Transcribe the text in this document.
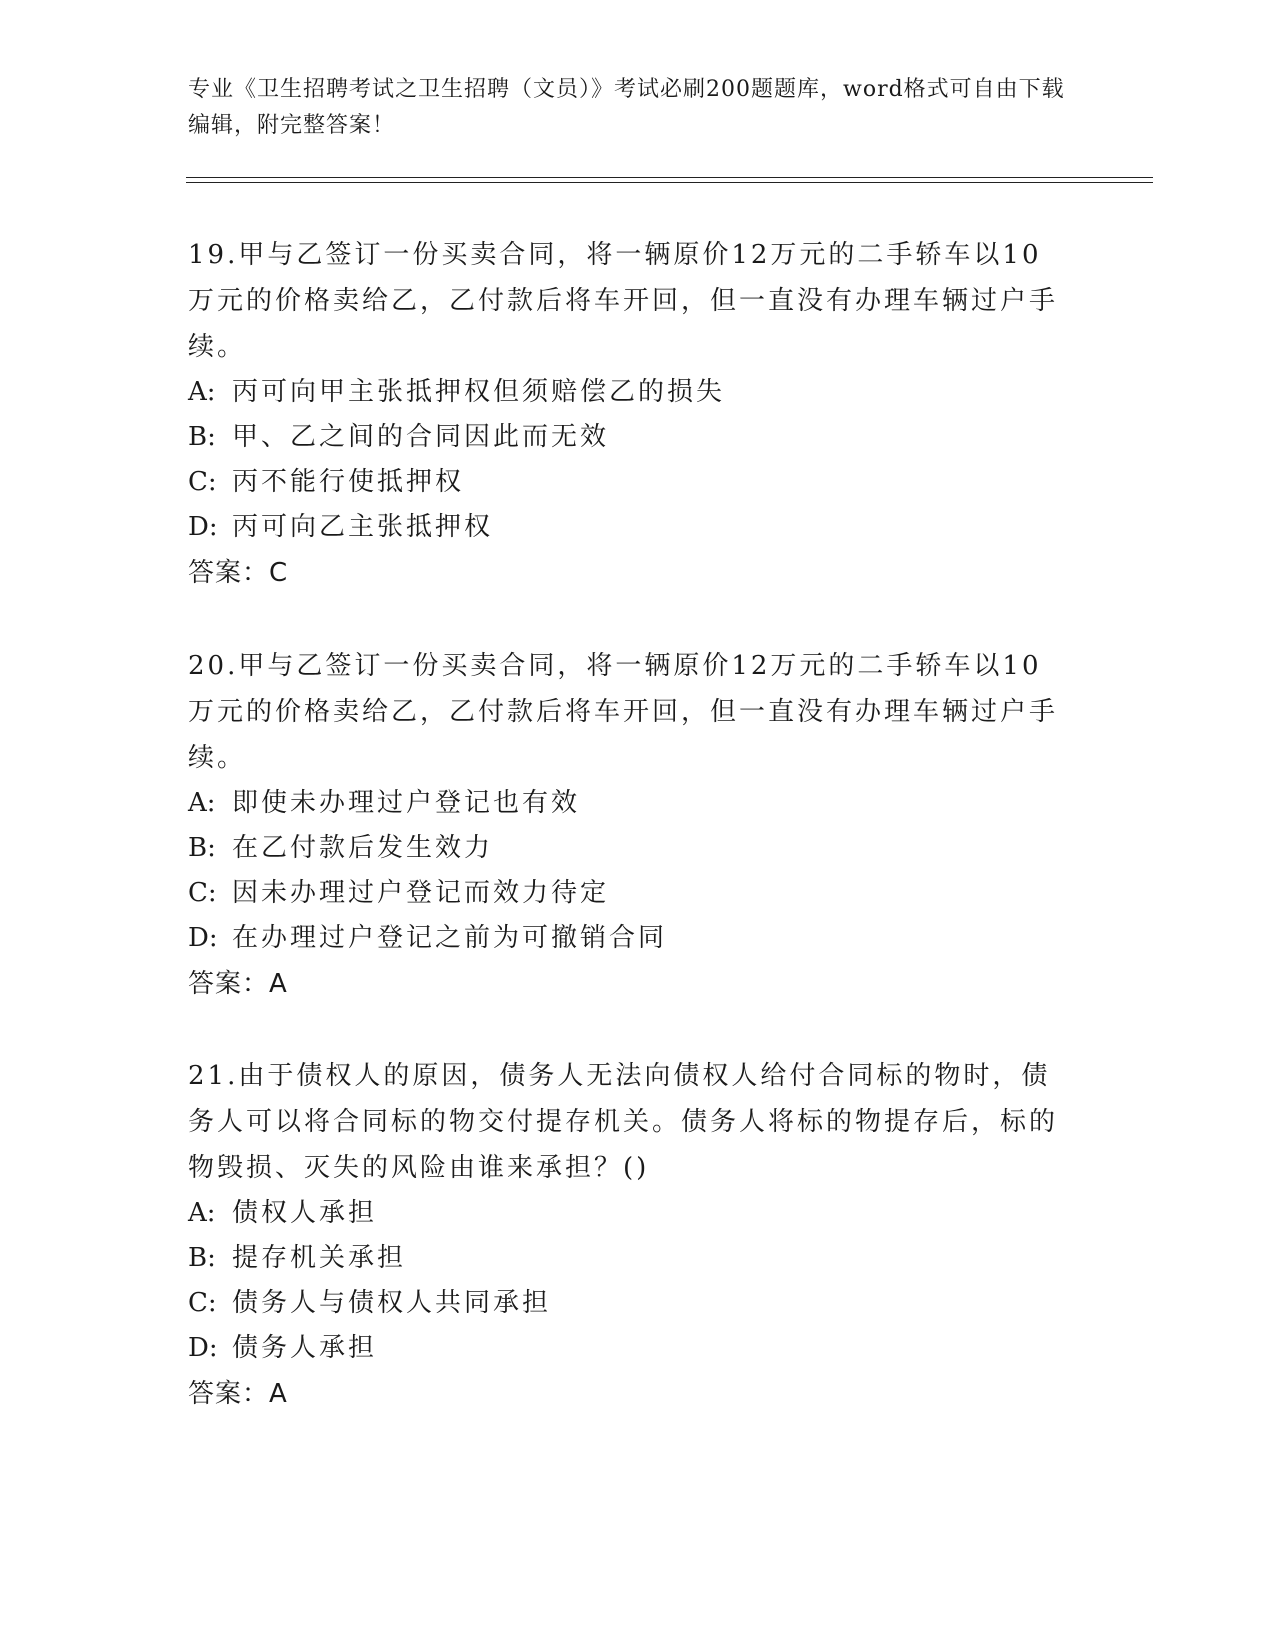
专业《卫生招聘考试之卫生招聘（文员）》考试必刷200题题库，word格式可自由下载编辑，附完整答案！

19.甲与乙签订一份买卖合同，将一辆原价12万元的二手轿车以10万元的价格卖给乙，乙付款后将车开回，但一直没有办理车辆过户手续。

A: 丙可向甲主张抵押权但须赔偿乙的损失

B: 甲、乙之间的合同因此而无效

C: 丙不能行使抵押权

D: 丙可向乙主张抵押权

答案：C

20.甲与乙签订一份买卖合同，将一辆原价12万元的二手轿车以10万元的价格卖给乙，乙付款后将车开回，但一直没有办理车辆过户手续。

A: 即使未办理过户登记也有效

B: 在乙付款后发生效力

C: 因未办理过户登记而效力待定

D: 在办理过户登记之前为可撤销合同

答案：A

21.由于债权人的原因，债务人无法向债权人给付合同标的物时，债务人可以将合同标的物交付提存机关。债务人将标的物提存后，标的物毁损、灭失的风险由谁来承担？()

A: 债权人承担

B: 提存机关承担

C: 债务人与债权人共同承担

D: 债务人承担

答案：A
